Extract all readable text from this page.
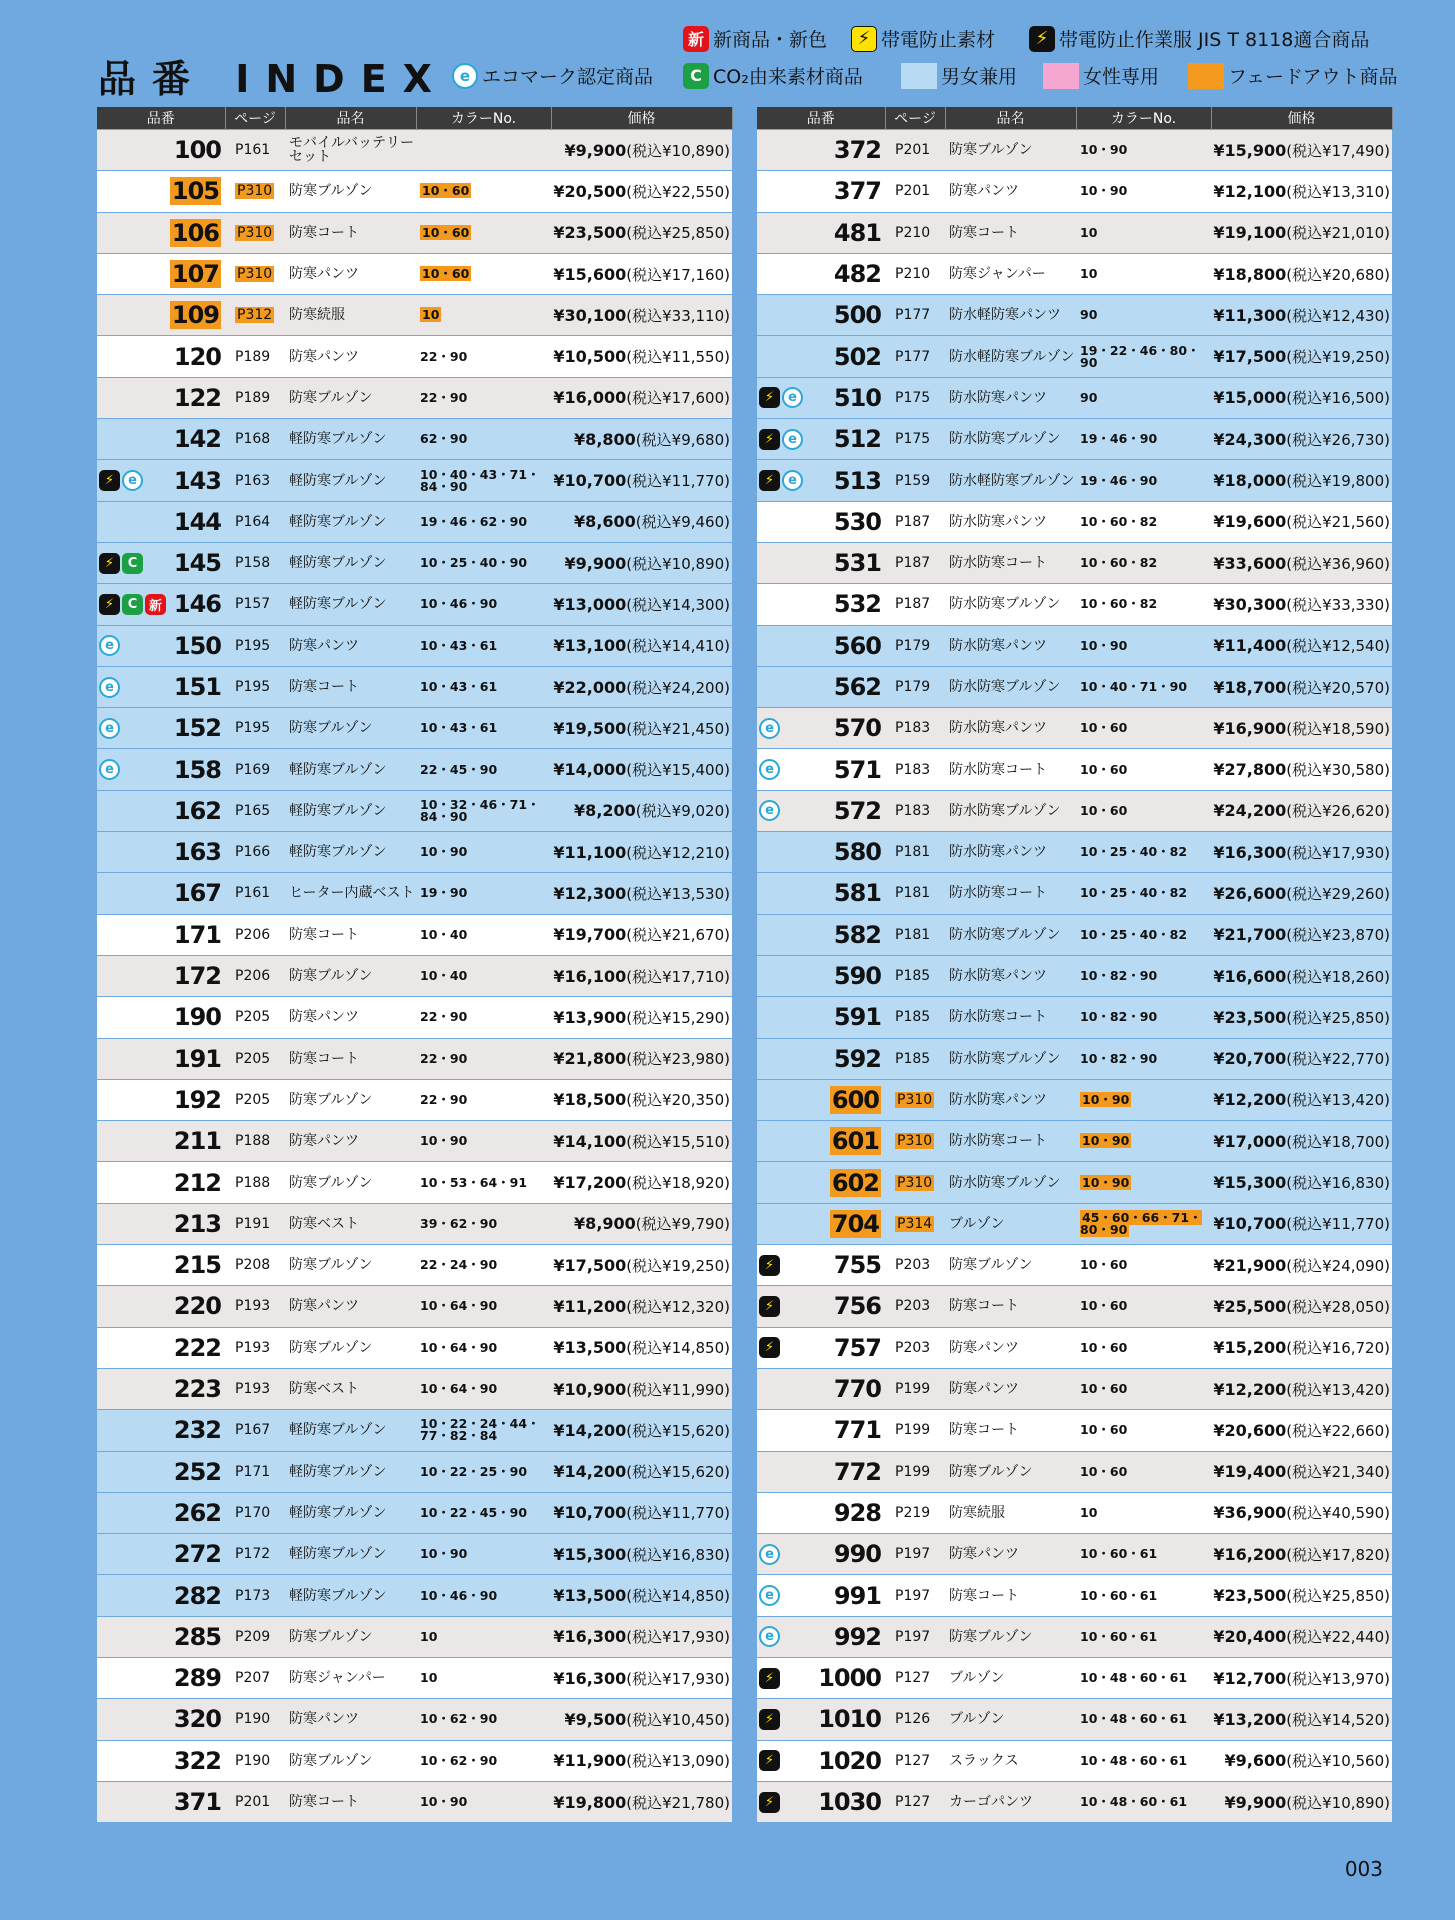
品番 INDEX
新 新商品・新色	⚡ 帯電防止素材	⚡ 帯電防止作業服 JIS T 8118適合商品
e エコマーク認定商品	C CO₂由来素材商品	男女兼用	女性専用	フェードアウト商品
品番	ページ	品名	カラーNo.	価格

100	P161	モバイルバッテリーセット		¥9,900(税込¥10,890)

105	P310	防寒ブルゾン	10・60	¥20,500(税込¥22,550)

106	P310	防寒コート	10・60	¥23,500(税込¥25,850)

107	P310	防寒パンツ	10・60	¥15,600(税込¥17,160)

109	P312	防寒続服	10	¥30,100(税込¥33,110)

120	P189	防寒パンツ	22・90	¥10,500(税込¥11,550)

122	P189	防寒ブルゾン	22・90	¥16,000(税込¥17,600)

142	P168	軽防寒ブルゾン	62・90	¥8,800(税込¥9,680)

⚡ e 143	P163	軽防寒ブルゾン	10・40・43・71・84・90	¥10,700(税込¥11,770)

144	P164	軽防寒ブルゾン	19・46・62・90	¥8,600(税込¥9,460)

⚡ C 145	P158	軽防寒ブルゾン	10・25・40・90	¥9,900(税込¥10,890)

⚡ C 新 146	P157	軽防寒ブルゾン	10・46・90	¥13,000(税込¥14,300)

e 150	P195	防寒パンツ	10・43・61	¥13,100(税込¥14,410)

e 151	P195	防寒コート	10・43・61	¥22,000(税込¥24,200)

e 152	P195	防寒ブルゾン	10・43・61	¥19,500(税込¥21,450)

e 158	P169	軽防寒ブルゾン	22・45・90	¥14,000(税込¥15,400)

162	P165	軽防寒ブルゾン	10・32・46・71・84・90	¥8,200(税込¥9,020)

163	P166	軽防寒ブルゾン	10・90	¥11,100(税込¥12,210)

167	P161	ヒーター内蔵ベスト	19・90	¥12,300(税込¥13,530)

171	P206	防寒コート	10・40	¥19,700(税込¥21,670)

172	P206	防寒ブルゾン	10・40	¥16,100(税込¥17,710)

190	P205	防寒パンツ	22・90	¥13,900(税込¥15,290)

191	P205	防寒コート	22・90	¥21,800(税込¥23,980)

192	P205	防寒ブルゾン	22・90	¥18,500(税込¥20,350)

211	P188	防寒パンツ	10・90	¥14,100(税込¥15,510)

212	P188	防寒ブルゾン	10・53・64・91	¥17,200(税込¥18,920)

213	P191	防寒ベスト	39・62・90	¥8,900(税込¥9,790)

215	P208	防寒ブルゾン	22・24・90	¥17,500(税込¥19,250)

220	P193	防寒パンツ	10・64・90	¥11,200(税込¥12,320)

222	P193	防寒ブルゾン	10・64・90	¥13,500(税込¥14,850)

223	P193	防寒ベスト	10・64・90	¥10,900(税込¥11,990)

232	P167	軽防寒ブルゾン	10・22・24・44・77・82・84	¥14,200(税込¥15,620)

252	P171	軽防寒ブルゾン	10・22・25・90	¥14,200(税込¥15,620)

262	P170	軽防寒ブルゾン	10・22・45・90	¥10,700(税込¥11,770)

272	P172	軽防寒ブルゾン	10・90	¥15,300(税込¥16,830)

282	P173	軽防寒ブルゾン	10・46・90	¥13,500(税込¥14,850)

285	P209	防寒ブルゾン	10	¥16,300(税込¥17,930)

289	P207	防寒ジャンパー	10	¥16,300(税込¥17,930)

320	P190	防寒パンツ	10・62・90	¥9,500(税込¥10,450)

322	P190	防寒ブルゾン	10・62・90	¥11,900(税込¥13,090)

371	P201	防寒コート	10・90	¥19,800(税込¥21,780)
品番	ページ	品名	カラーNo.	価格

372	P201	防寒ブルゾン	10・90	¥15,900(税込¥17,490)

377	P201	防寒パンツ	10・90	¥12,100(税込¥13,310)

481	P210	防寒コート	10	¥19,100(税込¥21,010)

482	P210	防寒ジャンパー	10	¥18,800(税込¥20,680)

500	P177	防水軽防寒パンツ	90	¥11,300(税込¥12,430)

502	P177	防水軽防寒ブルゾン	19・22・46・80・90	¥17,500(税込¥19,250)

⚡ e 510	P175	防水防寒パンツ	90	¥15,000(税込¥16,500)

⚡ e 512	P175	防水防寒ブルゾン	19・46・90	¥24,300(税込¥26,730)

⚡ e 513	P159	防水軽防寒ブルゾン	19・46・90	¥18,000(税込¥19,800)

530	P187	防水防寒パンツ	10・60・82	¥19,600(税込¥21,560)

531	P187	防水防寒コート	10・60・82	¥33,600(税込¥36,960)

532	P187	防水防寒ブルゾン	10・60・82	¥30,300(税込¥33,330)

560	P179	防水防寒パンツ	10・90	¥11,400(税込¥12,540)

562	P179	防水防寒ブルゾン	10・40・71・90	¥18,700(税込¥20,570)

e 570	P183	防水防寒パンツ	10・60	¥16,900(税込¥18,590)

e 571	P183	防水防寒コート	10・60	¥27,800(税込¥30,580)

e 572	P183	防水防寒ブルゾン	10・60	¥24,200(税込¥26,620)

580	P181	防水防寒パンツ	10・25・40・82	¥16,300(税込¥17,930)

581	P181	防水防寒コート	10・25・40・82	¥26,600(税込¥29,260)

582	P181	防水防寒ブルゾン	10・25・40・82	¥21,700(税込¥23,870)

590	P185	防水防寒パンツ	10・82・90	¥16,600(税込¥18,260)

591	P185	防水防寒コート	10・82・90	¥23,500(税込¥25,850)

592	P185	防水防寒ブルゾン	10・82・90	¥20,700(税込¥22,770)

600	P310	防水防寒パンツ	10・90	¥12,200(税込¥13,420)

601	P310	防水防寒コート	10・90	¥17,000(税込¥18,700)

602	P310	防水防寒ブルゾン	10・90	¥15,300(税込¥16,830)

704	P314	ブルゾン	45・60・66・71・80・90	¥10,700(税込¥11,770)

⚡ 755	P203	防寒ブルゾン	10・60	¥21,900(税込¥24,090)

⚡ 756	P203	防寒コート	10・60	¥25,500(税込¥28,050)

⚡ 757	P203	防寒パンツ	10・60	¥15,200(税込¥16,720)

770	P199	防寒パンツ	10・60	¥12,200(税込¥13,420)

771	P199	防寒コート	10・60	¥20,600(税込¥22,660)

772	P199	防寒ブルゾン	10・60	¥19,400(税込¥21,340)

928	P219	防寒続服	10	¥36,900(税込¥40,590)

e 990	P197	防寒パンツ	10・60・61	¥16,200(税込¥17,820)

e 991	P197	防寒コート	10・60・61	¥23,500(税込¥25,850)

e 992	P197	防寒ブルゾン	10・60・61	¥20,400(税込¥22,440)

⚡ 1000	P127	ブルゾン	10・48・60・61	¥12,700(税込¥13,970)

⚡ 1010	P126	ブルゾン	10・48・60・61	¥13,200(税込¥14,520)

⚡ 1020	P127	スラックス	10・48・60・61	¥9,600(税込¥10,560)

⚡ 1030	P127	カーゴパンツ	10・48・60・61	¥9,900(税込¥10,890)
003
